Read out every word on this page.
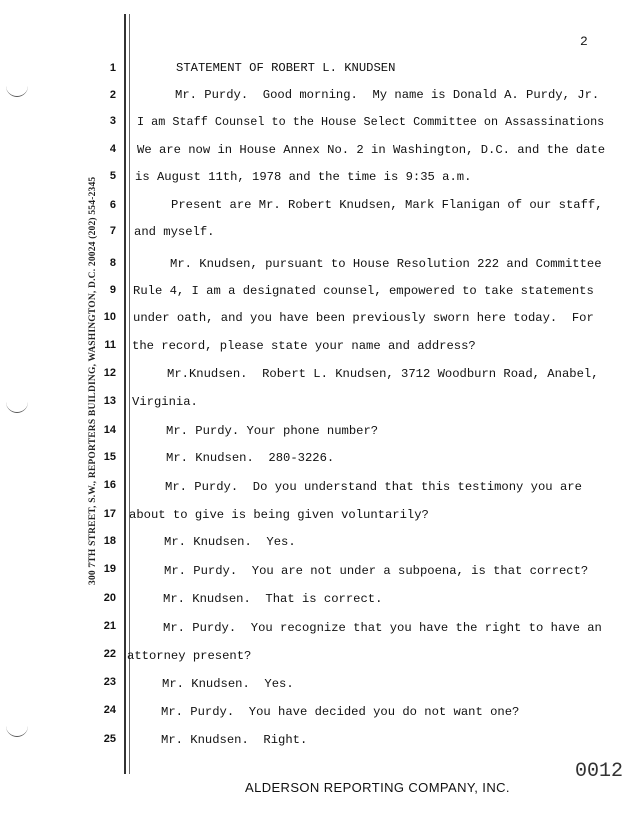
2
300 7TH STREET, S.W., REPORTERS BUILDING, WASHINGTON, D.C. 20024 (202) 554-2345
1
2
3
4
5
6
7
8
9
10
11
12
13
14
15
16
17
18
19
20
21
22
23
24
25
STATEMENT OF ROBERT L. KNUDSEN
Mr. Purdy.  Good morning.  My name is Donald A. Purdy, Jr.
I am Staff Counsel to the House Select Committee on Assassinations
We are now in House Annex No. 2 in Washington, D.C. and the date
is August 11th, 1978 and the time is 9:35 a.m.
Present are Mr. Robert Knudsen, Mark Flanigan of our staff,
and myself.
Mr. Knudsen, pursuant to House Resolution 222 and Committee
Rule 4, I am a designated counsel, empowered to take statements
under oath, and you have been previously sworn here today.  For
the record, please state your name and address?
Mr.Knudsen.  Robert L. Knudsen, 3712 Woodburn Road, Anabel,
Virginia.
Mr. Purdy. Your phone number?
Mr. Knudsen.  280-3226.
Mr. Purdy.  Do you understand that this testimony you are
about to give is being given voluntarily?
Mr. Knudsen.  Yes.
Mr. Purdy.  You are not under a subpoena, is that correct?
Mr. Knudsen.  That is correct.
Mr. Purdy.  You recognize that you have the right to have an
attorney present?
Mr. Knudsen.  Yes.
Mr. Purdy.  You have decided you do not want one?
Mr. Knudsen.  Right.
ALDERSON REPORTING COMPANY, INC.
0012
